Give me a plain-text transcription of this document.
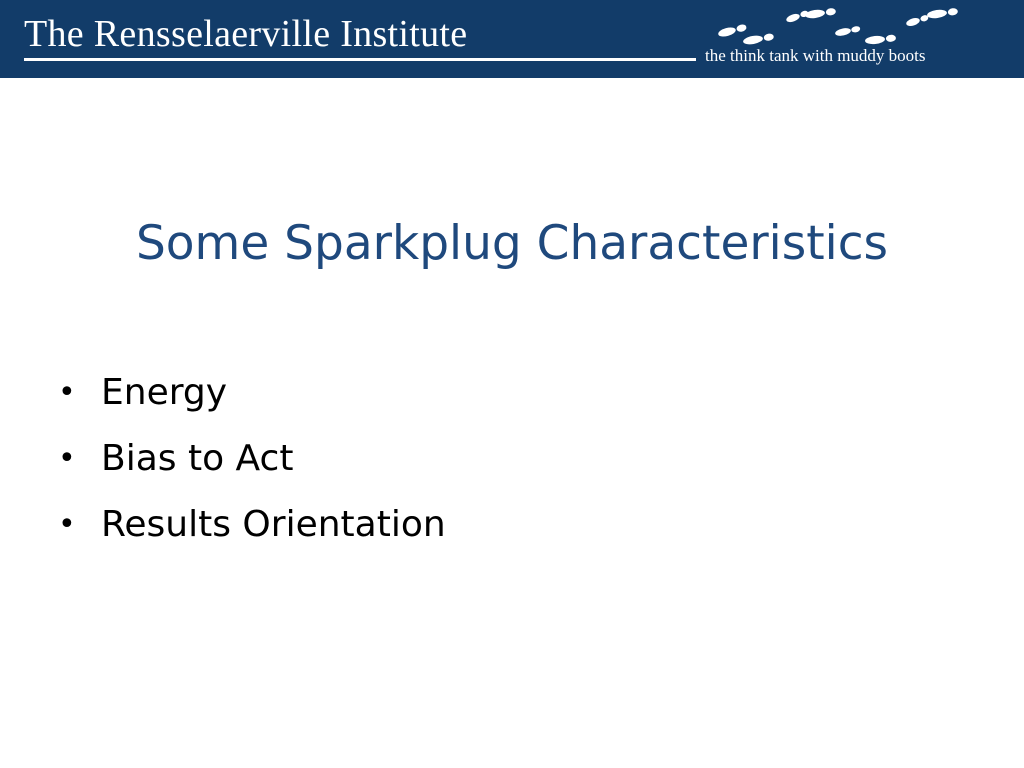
The Rensselaerville Institute
the think tank with muddy boots
Some Sparkplug Characteristics
• Energy
• Bias to Act
• Results Orientation
